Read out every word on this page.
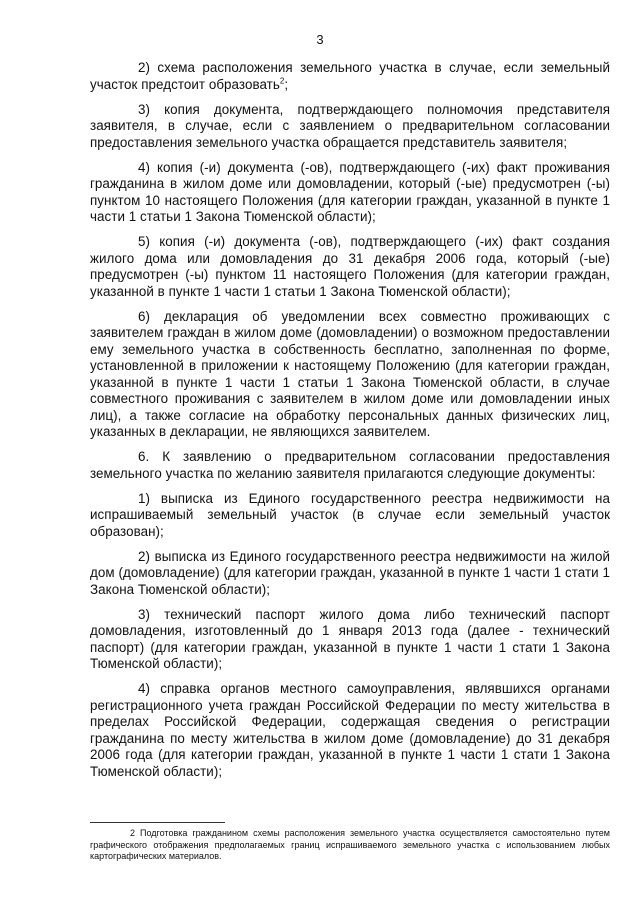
3

2) схема расположения земельного участка в случае, если земельный участок предстоит образовать$^2$;

3) копия документа, подтверждающего полномочия представителя заявителя, в случае, если с заявлением о предварительном согласовании предоставления земельного участка обращается представитель заявителя;

4) копия (-и) документа (-ов), подтверждающего (-их) факт проживания гражданина в жилом доме или домовладении, который (-ые) предусмотрен (-ы) пунктом 10 настоящего Положения (для категории граждан, указанной в пункте 1 части 1 статьи 1 Закона Тюменской области);

5) копия (-и) документа (-ов), подтверждающего (-их) факт создания жилого дома или домовладения до 31 декабря 2006 года, который (-ые) предусмотрен (-ы) пунктом 11 настоящего Положения (для категории граждан, указанной в пункте 1 части 1 статьи 1 Закона Тюменской области);

6) декларация об уведомлении всех совместно проживающих с заявителем граждан в жилом доме (домовладении) о возможном предоставлении ему земельного участка в собственность бесплатно, заполненная по форме, установленной в приложении к настоящему Положению (для категории граждан, указанной в пункте 1 части 1 статьи 1 Закона Тюменской области, в случае совместного проживания с заявителем в жилом доме или домовладении иных лиц), а также согласие на обработку персональных данных физических лиц, указанных в декларации, не являющихся заявителем.

6. К заявлению о предварительном согласовании предоставления земельного участка по желанию заявителя прилагаются следующие документы:

1) выписка из Единого государственного реестра недвижимости на испрашиваемый земельный участок (в случае если земельный участок образован);

2) выписка из Единого государственного реестра недвижимости на жилой дом (домовладение) (для категории граждан, указанной в пункте 1 части 1 стати 1 Закона Тюменской области);

3) технический паспорт жилого дома либо технический паспорт домовладения, изготовленный до 1 января 2013 года (далее - технический паспорт) (для категории граждан, указанной в пункте 1 части 1 стати 1 Закона Тюменской области);

4) справка органов местного самоуправления, являвшихся органами регистрационного учета граждан Российской Федерации по месту жительства в пределах Российской Федерации, содержащая сведения о регистрации гражданина по месту жительства в жилом доме (домовладение) до 31 декабря 2006 года (для категории граждан, указанной в пункте 1 части 1 стати 1 Закона Тюменской области);

2 Подготовка гражданином схемы расположения земельного участка осуществляется самостоятельно путем графического отображения предполагаемых границ испрашиваемого земельного участка с использованием любых картографических материалов.
